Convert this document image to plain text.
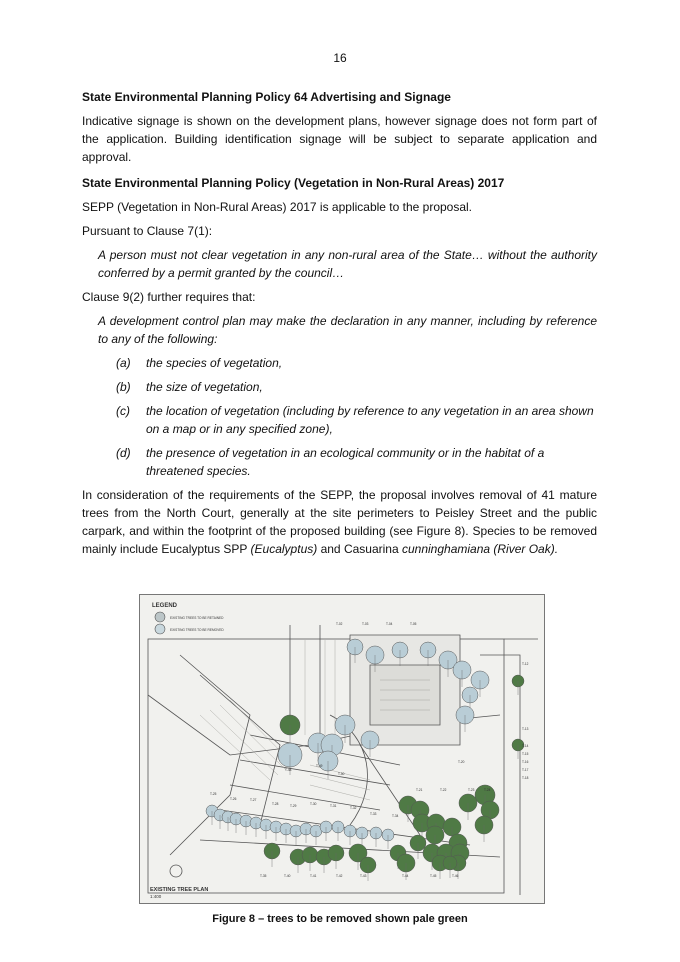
16
State Environmental Planning Policy 64 Advertising and Signage

Indicative signage is shown on the development plans, however signage does not form part of the application. Building identification signage will be subject to separate application and approval.

State Environmental Planning Policy (Vegetation in Non-Rural Areas) 2017

SEPP (Vegetation in Non-Rural Areas) 2017 is applicable to the proposal.

Pursuant to Clause 7(1):

A person must not clear vegetation in any non-rural area of the State… without the authority conferred by a permit granted by the council…

Clause 9(2) further requires that:

A development control plan may make the declaration in any manner, including by reference to any of the following:

(a)	the species of vegetation,
(b)	the size of vegetation,
(c)	the location of vegetation (including by reference to any vegetation in an area shown on a map or in any specified zone),
(d)	the presence of vegetation in an ecological community or in the habitat of a threatened species.

In consideration of the requirements of the SEPP, the proposal involves removal of 41 mature trees from the North Court, generally at the site perimeters to Peisley Street and the public carpark, and within the footprint of the proposed building (see Figure 8). Species to be removed mainly include Eucalyptus SPP (Eucalyptus) and Casuarina cunninghamiana (River Oak).

LEGEND
EXISTING TREES TO BE RETAINED
EXISTING TREES TO BE REMOVED
T-02	T-03	T-04	T-05
T-12
T-13
T-14
T-15
T-16
T-17
T-18
T-20
T-21	T-22	T-23	T-24
T-25
T-26	T-27
T-28	T-29	T-30	T-31	T-32
T-33	T-34
T-35	T-40	T-41	T-42	T-43	T-44	T-45	T-46
T-48
T-49
T-50
EXISTING TREE PLAN
1:400
Figure 8 – trees to be removed shown pale green
